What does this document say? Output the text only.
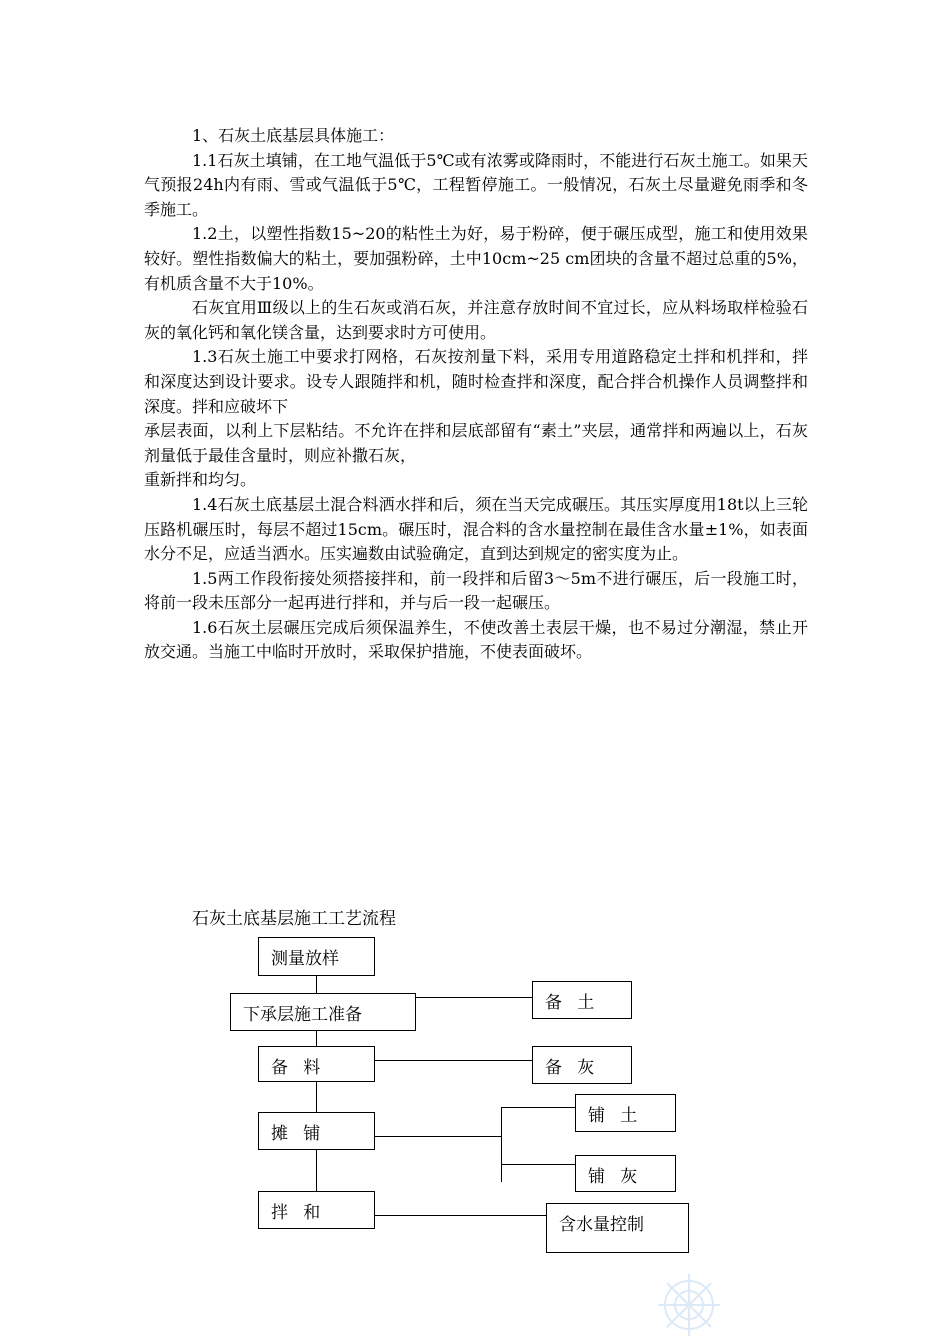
1、石灰土底基层具体施工：

1.1石灰土填铺，在工地气温低于5℃或有浓雾或降雨时，不能进行石灰土施工。如果天气预报24h内有雨、雪或气温低于5℃，工程暂停施工。一般情况，石灰土尽量避免雨季和冬季施工。

1.2土，以塑性指数15~20的粘性土为好，易于粉碎，便于碾压成型，施工和使用效果较好。塑性指数偏大的粘土，要加强粉碎，土中10cm~25 cm团块的含量不超过总重的5%，有机质含量不大于10%。

石灰宜用Ⅲ级以上的生石灰或消石灰，并注意存放时间不宜过长，应从料场取样检验石灰的氧化钙和氧化镁含量，达到要求时方可使用。

1.3石灰土施工中要求打网格，石灰按剂量下料，采用专用道路稳定土拌和机拌和，拌和深度达到设计要求。设专人跟随拌和机，随时检查拌和深度，配合拌合机操作人员调整拌和深度。拌和应破坏下

承层表面，以利上下层粘结。不允许在拌和层底部留有“素土”夹层，通常拌和两遍以上，石灰剂量低于最佳含量时，则应补撒石灰，

重新拌和均匀。

1.4石灰土底基层土混合料洒水拌和后，须在当天完成碾压。其压实厚度用18t以上三轮压路机碾压时，每层不超过15cm。碾压时，混合料的含水量控制在最佳含水量±1%，如表面水分不足，应适当洒水。压实遍数由试验确定，直到达到规定的密实度为止。

1.5两工作段衔接处须搭接拌和，前一段拌和后留3～5m不进行碾压，后一段施工时，将前一段未压部分一起再进行拌和，并与后一段一起碾压。

1.6石灰土层碾压完成后须保温养生，不使改善土表层干燥，也不易过分潮湿，禁止开放交通。当施工中临时开放时，采取保护措施，不使表面破坏。

石灰土底基层施工工艺流程
测量放样
下承层施工准备
备料
摊铺
拌和
备土
备灰
铺土
铺灰
含水量控制
